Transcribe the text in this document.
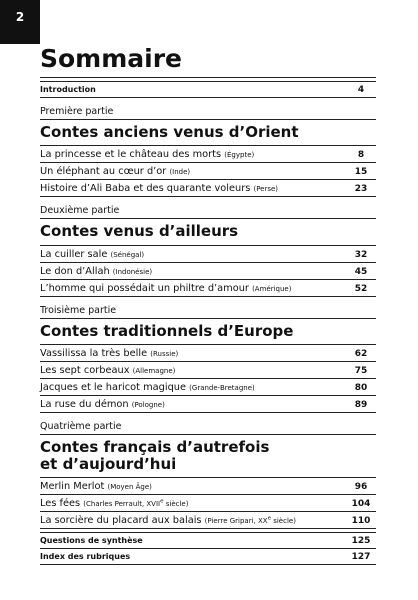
2
Sommaire
Introduction	4
Première partie
Contes anciens venus d’Orient
La princesse et le château des morts (Égypte)	8
Un éléphant au cœur d’or (Inde)	15
Histoire d’Ali Baba et des quarante voleurs (Perse)	23
Deuxième partie
Contes venus d’ailleurs
La cuiller sale (Sénégal)	32
Le don d’Allah (Indonésie)	45
L’homme qui possédait un philtre d’amour (Amérique)	52
Troisième partie
Contes traditionnels d’Europe
Vassilissa la très belle (Russie)	62
Les sept corbeaux (Allemagne)	75
Jacques et le haricot magique (Grande-Bretagne)	80
La ruse du démon (Pologne)	89
Quatrième partie
Contes français d’autrefois
et d’aujourd’hui
Merlin Merlot (Moyen Âge)	96
Les fées (Charles Perrault, XVIIe siècle)	104
La sorcière du placard aux balais (Pierre Gripari, XXe siècle)	110
Questions de synthèse	125
Index des rubriques	127
